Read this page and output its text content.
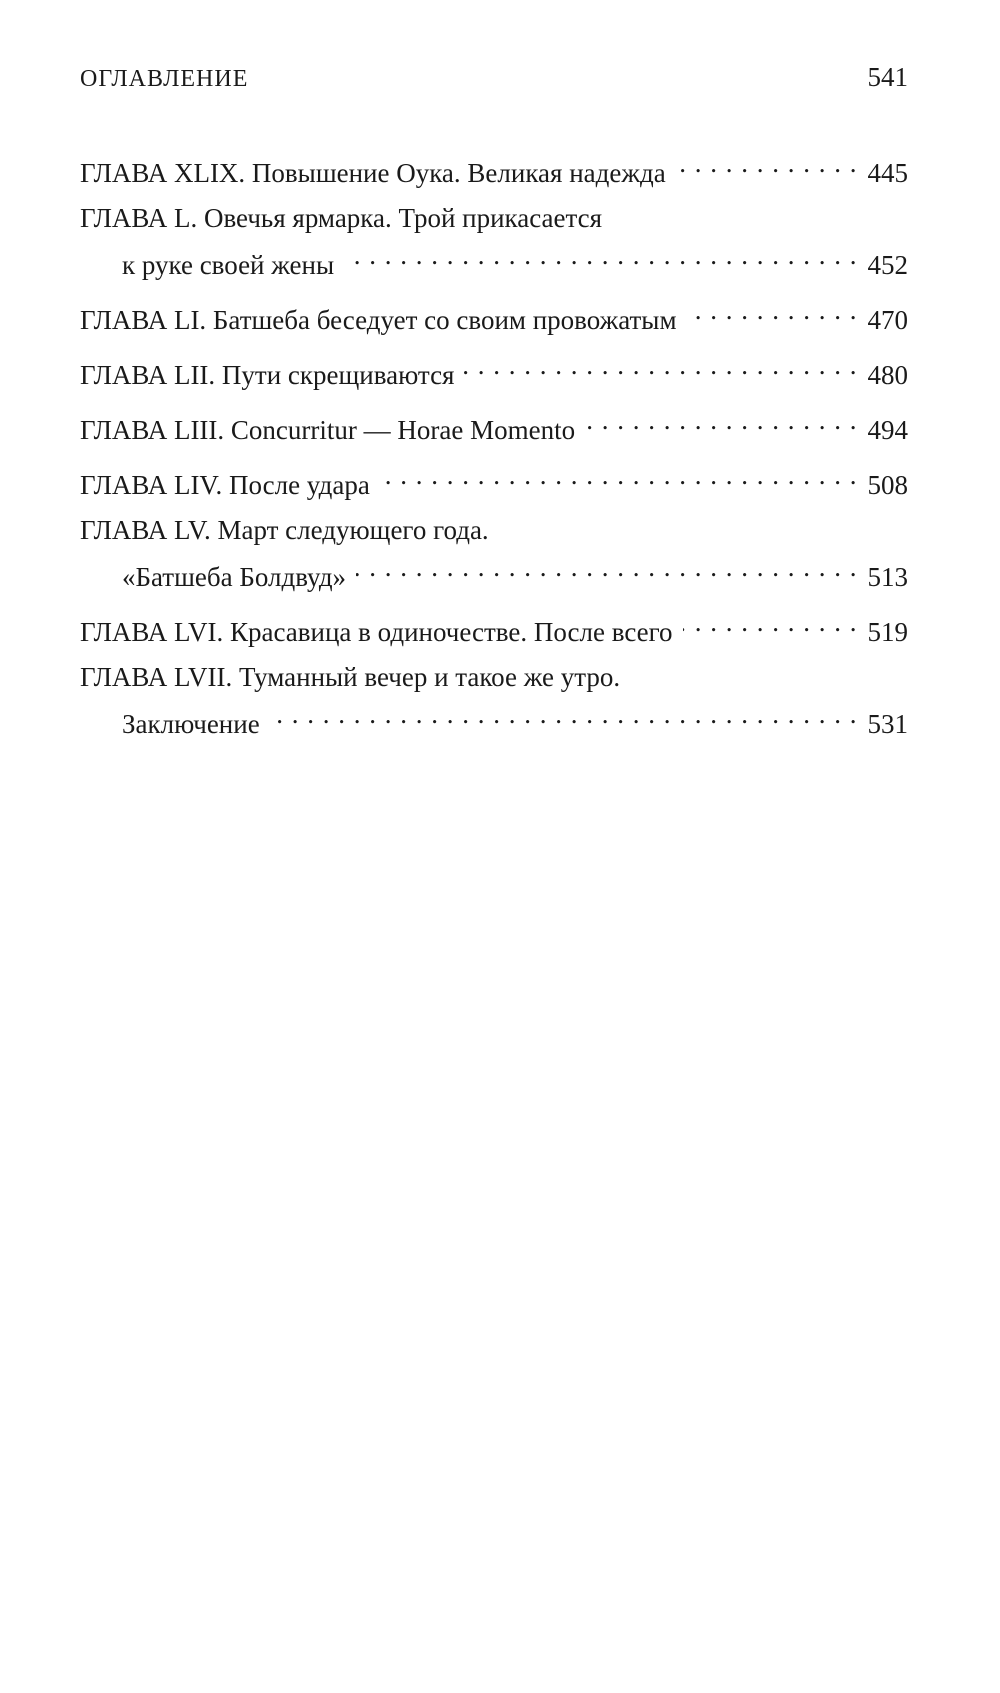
ОГЛАВЛЕНИЕ	541
ГЛАВА XLIX. Повышение Оука. Великая надежда . . .	445
ГЛАВА L. Овечья ярмарка. Трой прикасается
к руке своей жены . . .	452
ГЛАВА LI. Батшеба беседует со своим провожатым . . .	470
ГЛАВА LII. Пути скрещиваются . . .	480
ГЛАВА LIII. Concurritur — Horae Momento . . .	494
ГЛАВА LIV. После удара . . .	508
ГЛАВА LV. Март следующего года.
«Батшеба Болдвуд» . . .	513
ГЛАВА LVI. Красавица в одиночестве. После всего . . .	519
ГЛАВА LVII. Туманный вечер и такое же утро.
Заключение . . .	531
